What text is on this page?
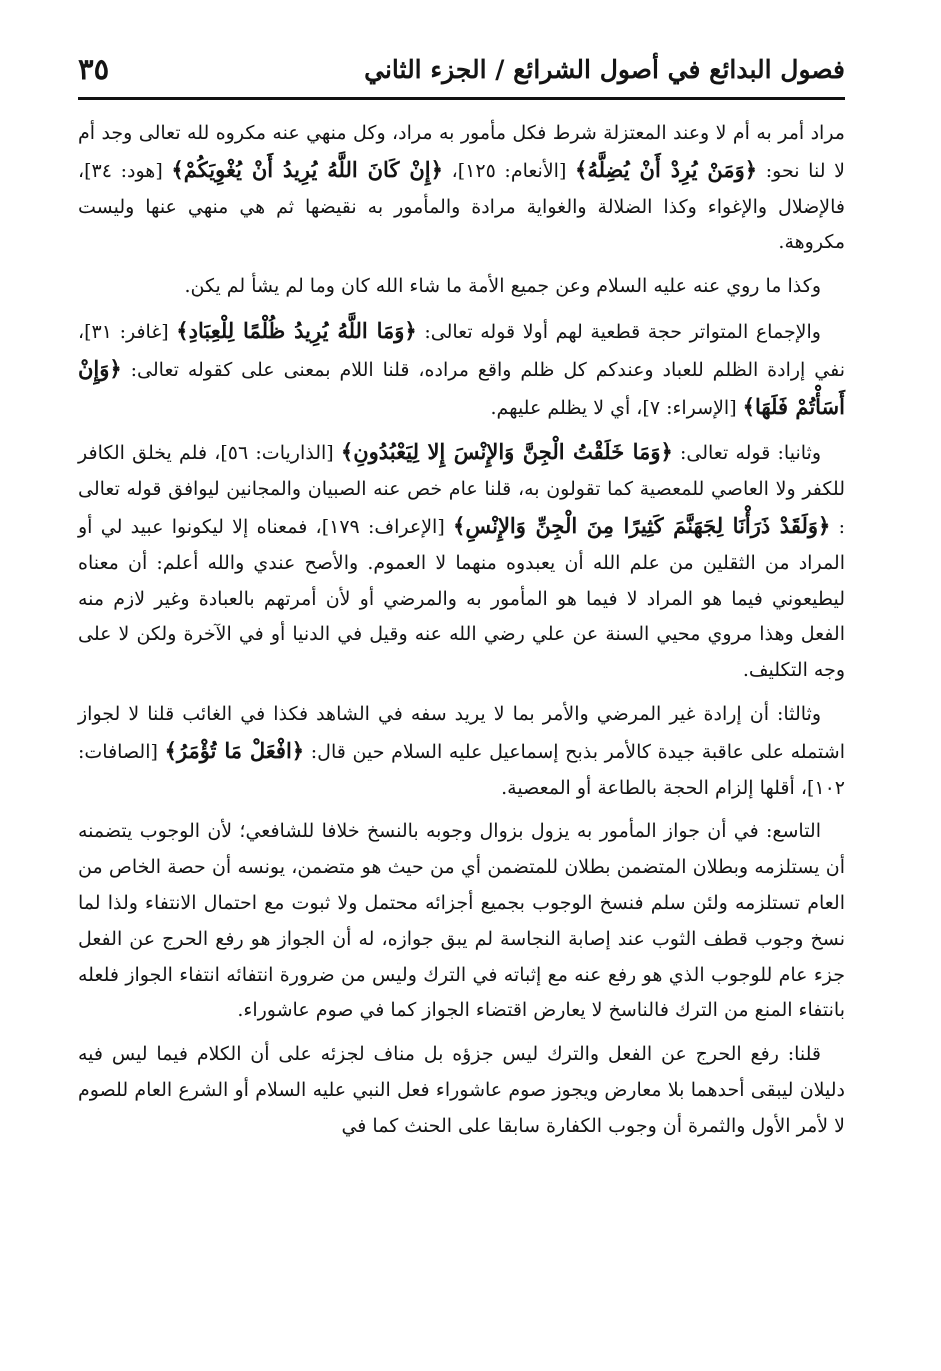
فصول البدائع في أصول الشرائع / الجزء الثاني
٣٥

مراد أمر به أم لا وعند المعتزلة شرط فكل مأمور به مراد، وكل منهي عنه مكروه لله تعالى وجد أم لا لنا نحو: ﴿وَمَنْ يُرِدْ أَنْ يُضِلَّهُ﴾ [الأنعام: ١٢٥]، ﴿إِنْ كَانَ اللَّهُ يُرِيدُ أَنْ يُغْوِيَكُمْ﴾ [هود: ٣٤]، فالإضلال والإغواء وكذا الضلالة والغواية مرادة والمأمور به نقيضها ثم هي منهي عنها وليست مكروهة.

وكذا ما روي عنه عليه السلام وعن جميع الأمة ما شاء الله كان وما لم يشأ لم يكن.

والإجماع المتواتر حجة قطعية لهم أولا قوله تعالى: ﴿وَمَا اللَّهُ يُرِيدُ ظُلْمًا لِلْعِبَادِ﴾ [غافر: ٣١]، نفي إرادة الظلم للعباد وعندكم كل ظلم واقع مراده، قلنا اللام بمعنى على كقوله تعالى: ﴿وَإِنْ أَسَأْتُمْ فَلَهَا﴾ [الإسراء: ٧]، أي لا يظلم عليهم.

وثانيا: قوله تعالى: ﴿وَمَا خَلَقْتُ الْجِنَّ وَالإِنْسَ إِلا لِيَعْبُدُونِ﴾ [الذاريات: ٥٦]، فلم يخلق الكافر للكفر ولا العاصي للمعصية كما تقولون به، قلنا عام خص عنه الصبيان والمجانين ليوافق قوله تعالى : ﴿وَلَقَدْ ذَرَأْنَا لِجَهَنَّمَ كَثِيرًا مِنَ الْجِنِّ وَالإِنْسِ﴾ [الإعراف: ١٧٩]، فمعناه إلا ليكونوا عبيد لي أو المراد من الثقلين من علم الله أن يعبدوه منهما لا العموم. والأصح عندي والله أعلم: أن معناه ليطيعوني فيما هو المراد لا فيما هو المأمور به والمرضي أو لأن أمرتهم بالعبادة وغير لازم منه الفعل وهذا مروي محيي السنة عن علي رضي الله عنه وقيل في الدنيا أو في الآخرة ولكن لا على وجه التكليف.

وثالثا: أن إرادة غير المرضي والأمر بما لا يريد سفه في الشاهد فكذا في الغائب قلنا لا لجواز اشتمله على عاقبة جيدة كالأمر بذبح إسماعيل عليه السلام حين قال: ﴿افْعَلْ مَا تُؤْمَرُ﴾ [الصافات: ١٠٢]، أقلها إلزام الحجة بالطاعة أو المعصية.

التاسع: في أن جواز المأمور به يزول بزوال وجوبه بالنسخ خلافا للشافعي؛ لأن الوجوب يتضمنه أن يستلزمه وبطلان المتضمن بطلان للمتضمن أي من حيث هو متضمن، يونسه أن حصة الخاص من العام تستلزمه ولئن سلم فنسخ الوجوب بجميع أجزائه محتمل ولا ثبوت مع احتمال الانتفاء ولذا لما نسخ وجوب قطف الثوب عند إصابة النجاسة لم يبق جوازه، له أن الجواز هو رفع الحرج عن الفعل جزء عام للوجوب الذي هو رفع عنه مع إثباته في الترك وليس من ضرورة انتفائه انتفاء الجواز فلعله بانتفاء المنع من الترك فالناسخ لا يعارض اقتضاء الجواز كما في صوم عاشوراء.

قلنا: رفع الحرج عن الفعل والترك ليس جزؤه بل مناف لجزئه على أن الكلام فيما ليس فيه دليلان ليبقى أحدهما بلا معارض ويجوز صوم عاشوراء فعل النبي عليه السلام أو الشرع العام للصوم لا لأمر الأول والثمرة أن وجوب الكفارة سابقا على الحنث كما في
